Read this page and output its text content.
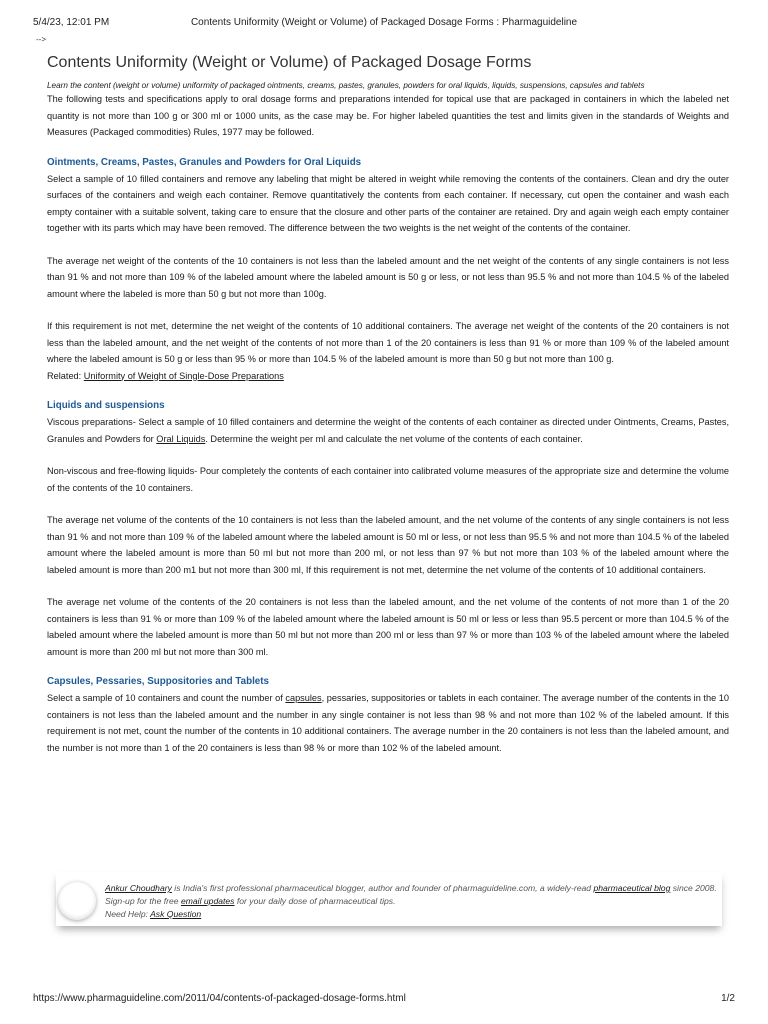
5/4/23, 12:01 PM	Contents Uniformity (Weight or Volume) of Packaged Dosage Forms : Pharmaguideline
-->
Contents Uniformity (Weight or Volume) of Packaged Dosage Forms
Learn the content (weight or volume) uniformity of packaged ointments, creams, pastes, granules, powders for oral liquids, liquids, suspensions, capsules and tablets

The following tests and specifications apply to oral dosage forms and preparations intended for topical use that are packaged in containers in which the labeled net quantity is not more than 100 g or 300 ml or 1000 units, as the case may be. For higher labeled quantities the test and limits given in the standards of Weights and Measures (Packaged commodities) Rules, 1977 may be followed.

Ointments, Creams, Pastes, Granules and Powders for Oral Liquids

Select a sample of 10 filled containers and remove any labeling that might be altered in weight while removing the contents of the containers. Clean and dry the outer surfaces of the containers and weigh each container. Remove quantitatively the contents from each container. If necessary, cut open the container and wash each empty container with a suitable solvent, taking care to ensure that the closure and other parts of the container are retained. Dry and again weigh each empty container together with its parts which may have been removed. The difference between the two weights is the net weight of the contents of the container.

The average net weight of the contents of the 10 containers is not less than the labeled amount and the net weight of the contents of any single containers is not less than 91 % and not more than 109 % of the labeled amount where the labeled amount is 50 g or less, or not less than 95.5 % and not more than 104.5 % of the labeled amount where the labeled is more than 50 g but not more than 100g.

If this requirement is not met, determine the net weight of the contents of 10 additional containers. The average net weight of the contents of the 20 containers is not less than the labeled amount, and the net weight of the contents of not more than 1 of the 20 containers is less than 91 % or more than 109 % of the labeled amount where the labeled amount is 50 g or less than 95 % or more than 104.5 % of the labeled amount is more than 50 g but not more than 100 g.

Related: Uniformity of Weight of Single-Dose Preparations

Liquids and suspensions

Viscous preparations- Select a sample of 10 filled containers and determine the weight of the contents of each container as directed under Ointments, Creams, Pastes, Granules and Powders for Oral Liquids. Determine the weight per ml and calculate the net volume of the contents of each container.

Non-viscous and free-flowing liquids- Pour completely the contents of each container into calibrated volume measures of the appropriate size and determine the volume of the contents of the 10 containers.

The average net volume of the contents of the 10 containers is not less than the labeled amount, and the net volume of the contents of any single containers is not less than 91 % and not more than 109 % of the labeled amount where the labeled amount is 50 ml or less, or not less than 95.5 % and not more than 104.5 % of the labeled amount where the labeled amount is more than 50 ml but not more than 200 ml, or not less than 97 % but not more than 103 % of the labeled amount where the labeled amount is more than 200 m1 but not more than 300 ml, If this requirement is not met, determine the net volume of the contents of 10 additional containers.

The average net volume of the contents of the 20 containers is not less than the labeled amount, and the net volume of the contents of not more than 1 of the 20 containers is less than 91 % or more than 109 % of the labeled amount where the labeled amount is 50 ml or less or less than 95.5 percent or more than 104.5 % of the labeled amount where the labeled amount is more than 50 ml but not more than 200 ml or less than 97 % or more than 103 % of the labeled amount where the labeled amount is more than 200 ml but not more than 300 ml.

Capsules, Pessaries, Suppositories and Tablets

Select a sample of 10 containers and count the number of capsules, pessaries, suppositories or tablets in each container. The average number of the contents in the 10 containers is not less than the labeled amount and the number in any single container is not less than 98 % and not more than 102 % of the labeled amount. If this requirement is not met, count the number of the contents in 10 additional containers. The average number in the 20 containers is not less than the labeled amount, and the number is not more than 1 of the 20 containers is less than 98 % or more than 102 % of the labeled amount.

Ankur Choudhary is India's first professional pharmaceutical blogger, author and founder of pharmaguideline.com, a widely-read pharmaceutical blog since 2008. Sign-up for the free email updates for your daily dose of pharmaceutical tips.
Need Help: Ask Question
https://www.pharmaguideline.com/2011/04/contents-of-packaged-dosage-forms.html	1/2
